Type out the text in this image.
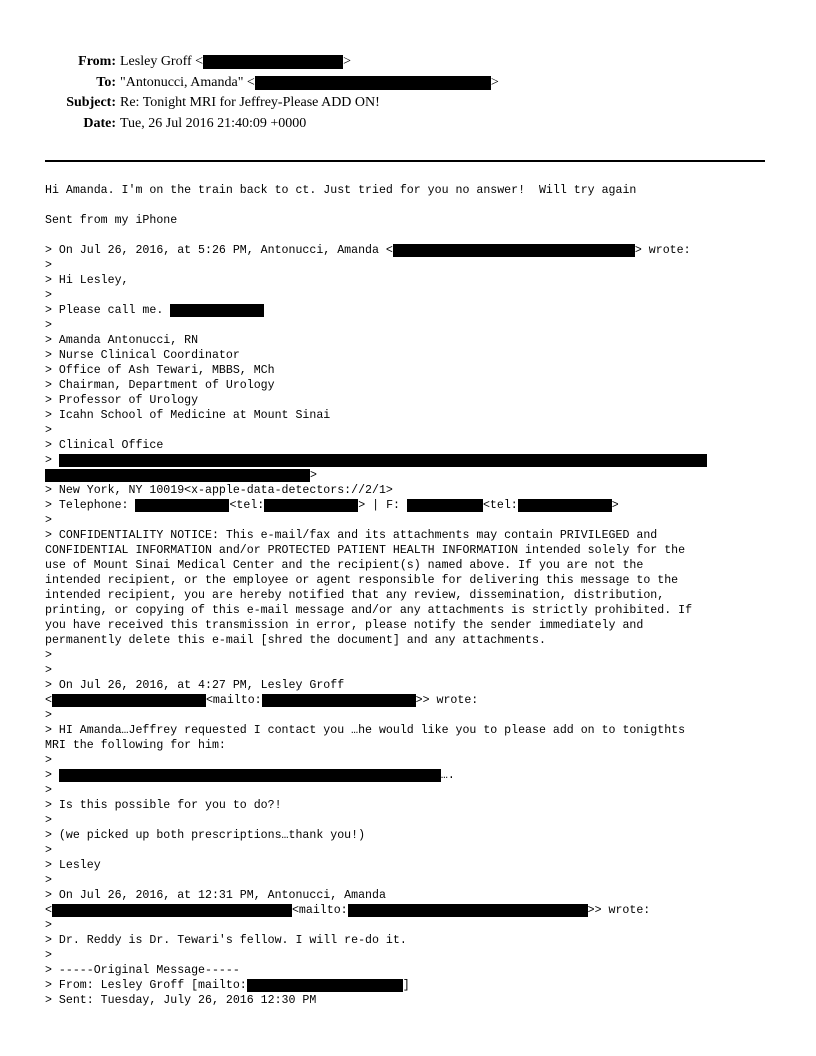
From: Lesley Groff <	>
To: "Antonucci, Amanda" <	>
Subject: Re: Tonight MRI for Jeffrey-Please ADD ON!
Date: Tue, 26 Jul 2016 21:40:09 +0000
Hi Amanda. I'm on the train back to ct. Just tried for you no answer!  Will try again
Sent from my iPhone
> On Jul 26, 2016, at 5:26 PM, Antonucci, Amanda <	> wrote:
>
> Hi Lesley,
>
> Please call me.
>
> Amanda Antonucci, RN
> Nurse Clinical Coordinator
> Office of Ash Tewari, MBBS, MCh
> Chairman, Department of Urology
> Professor of Urology
> Icahn School of Medicine at Mount Sinai
>
> Clinical Office
>
>
> New York, NY 10019<x-apple-data-detectors://2/1>
> Telephone:	<tel:	> | F:	<tel:	>
>
> CONFIDENTIALITY NOTICE: This e-mail/fax and its attachments may contain PRIVILEGED and
CONFIDENTIAL INFORMATION and/or PROTECTED PATIENT HEALTH INFORMATION intended solely for the
use of Mount Sinai Medical Center and the recipient(s) named above. If you are not the
intended recipient, or the employee or agent responsible for delivering this message to the
intended recipient, you are hereby notified that any review, dissemination, distribution,
printing, or copying of this e-mail message and/or any attachments is strictly prohibited. If
you have received this transmission in error, please notify the sender immediately and
permanently delete this e-mail [shred the document] and any attachments.
>
>
> On Jul 26, 2016, at 4:27 PM, Lesley Groff
<	<mailto:	>> wrote:
>
> HI Amanda…Jeffrey requested I contact you …he would like you to please add on to tonigthts
MRI the following for him:
>
>	….
>
> Is this possible for you to do?!
>
> (we picked up both prescriptions…thank you!)
>
> Lesley
>
> On Jul 26, 2016, at 12:31 PM, Antonucci, Amanda
<	<mailto:	>> wrote:
>
> Dr. Reddy is Dr. Tewari's fellow. I will re-do it.
>
> -----Original Message-----
> From: Lesley Groff [mailto:	]
> Sent: Tuesday, July 26, 2016 12:30 PM
